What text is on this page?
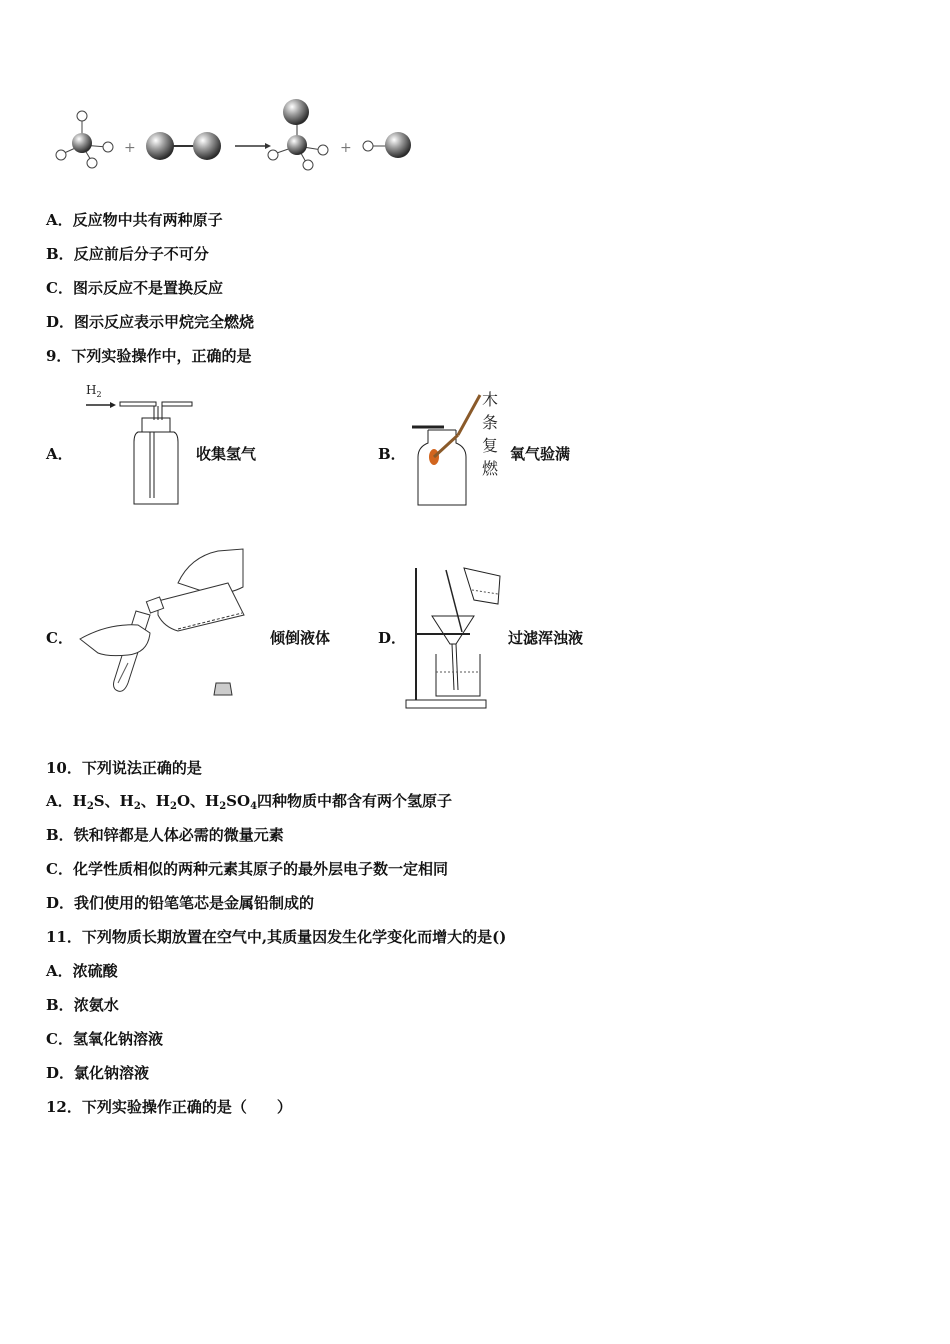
+	+
A．反应物中共有两种原子
B．反应前后分子不可分
C．图示反应不是置换反应
D．图示反应表示甲烷完全燃烧
9．下列实验操作中，正确的是
A．
$H_2$
收集氢气	B．
木
条
复
燃
氧气验满
C．	倾倒液体	D．	过滤浑浊液
10．下列说法正确的是
A．$H_2S$、$H_2$、$H_2O$、$H_2SO_4$四种物质中都含有两个氢原子
B．铁和锌都是人体必需的微量元素
C．化学性质相似的两种元素其原子的最外层电子数一定相同
D．我们使用的铅笔笔芯是金属铅制成的
11．下列物质长期放置在空气中,其质量因发生化学变化而增大的是()
A．浓硫酸
B．浓氨水
C．氢氧化钠溶液
D．氯化钠溶液
12．下列实验操作正确的是（　　）
